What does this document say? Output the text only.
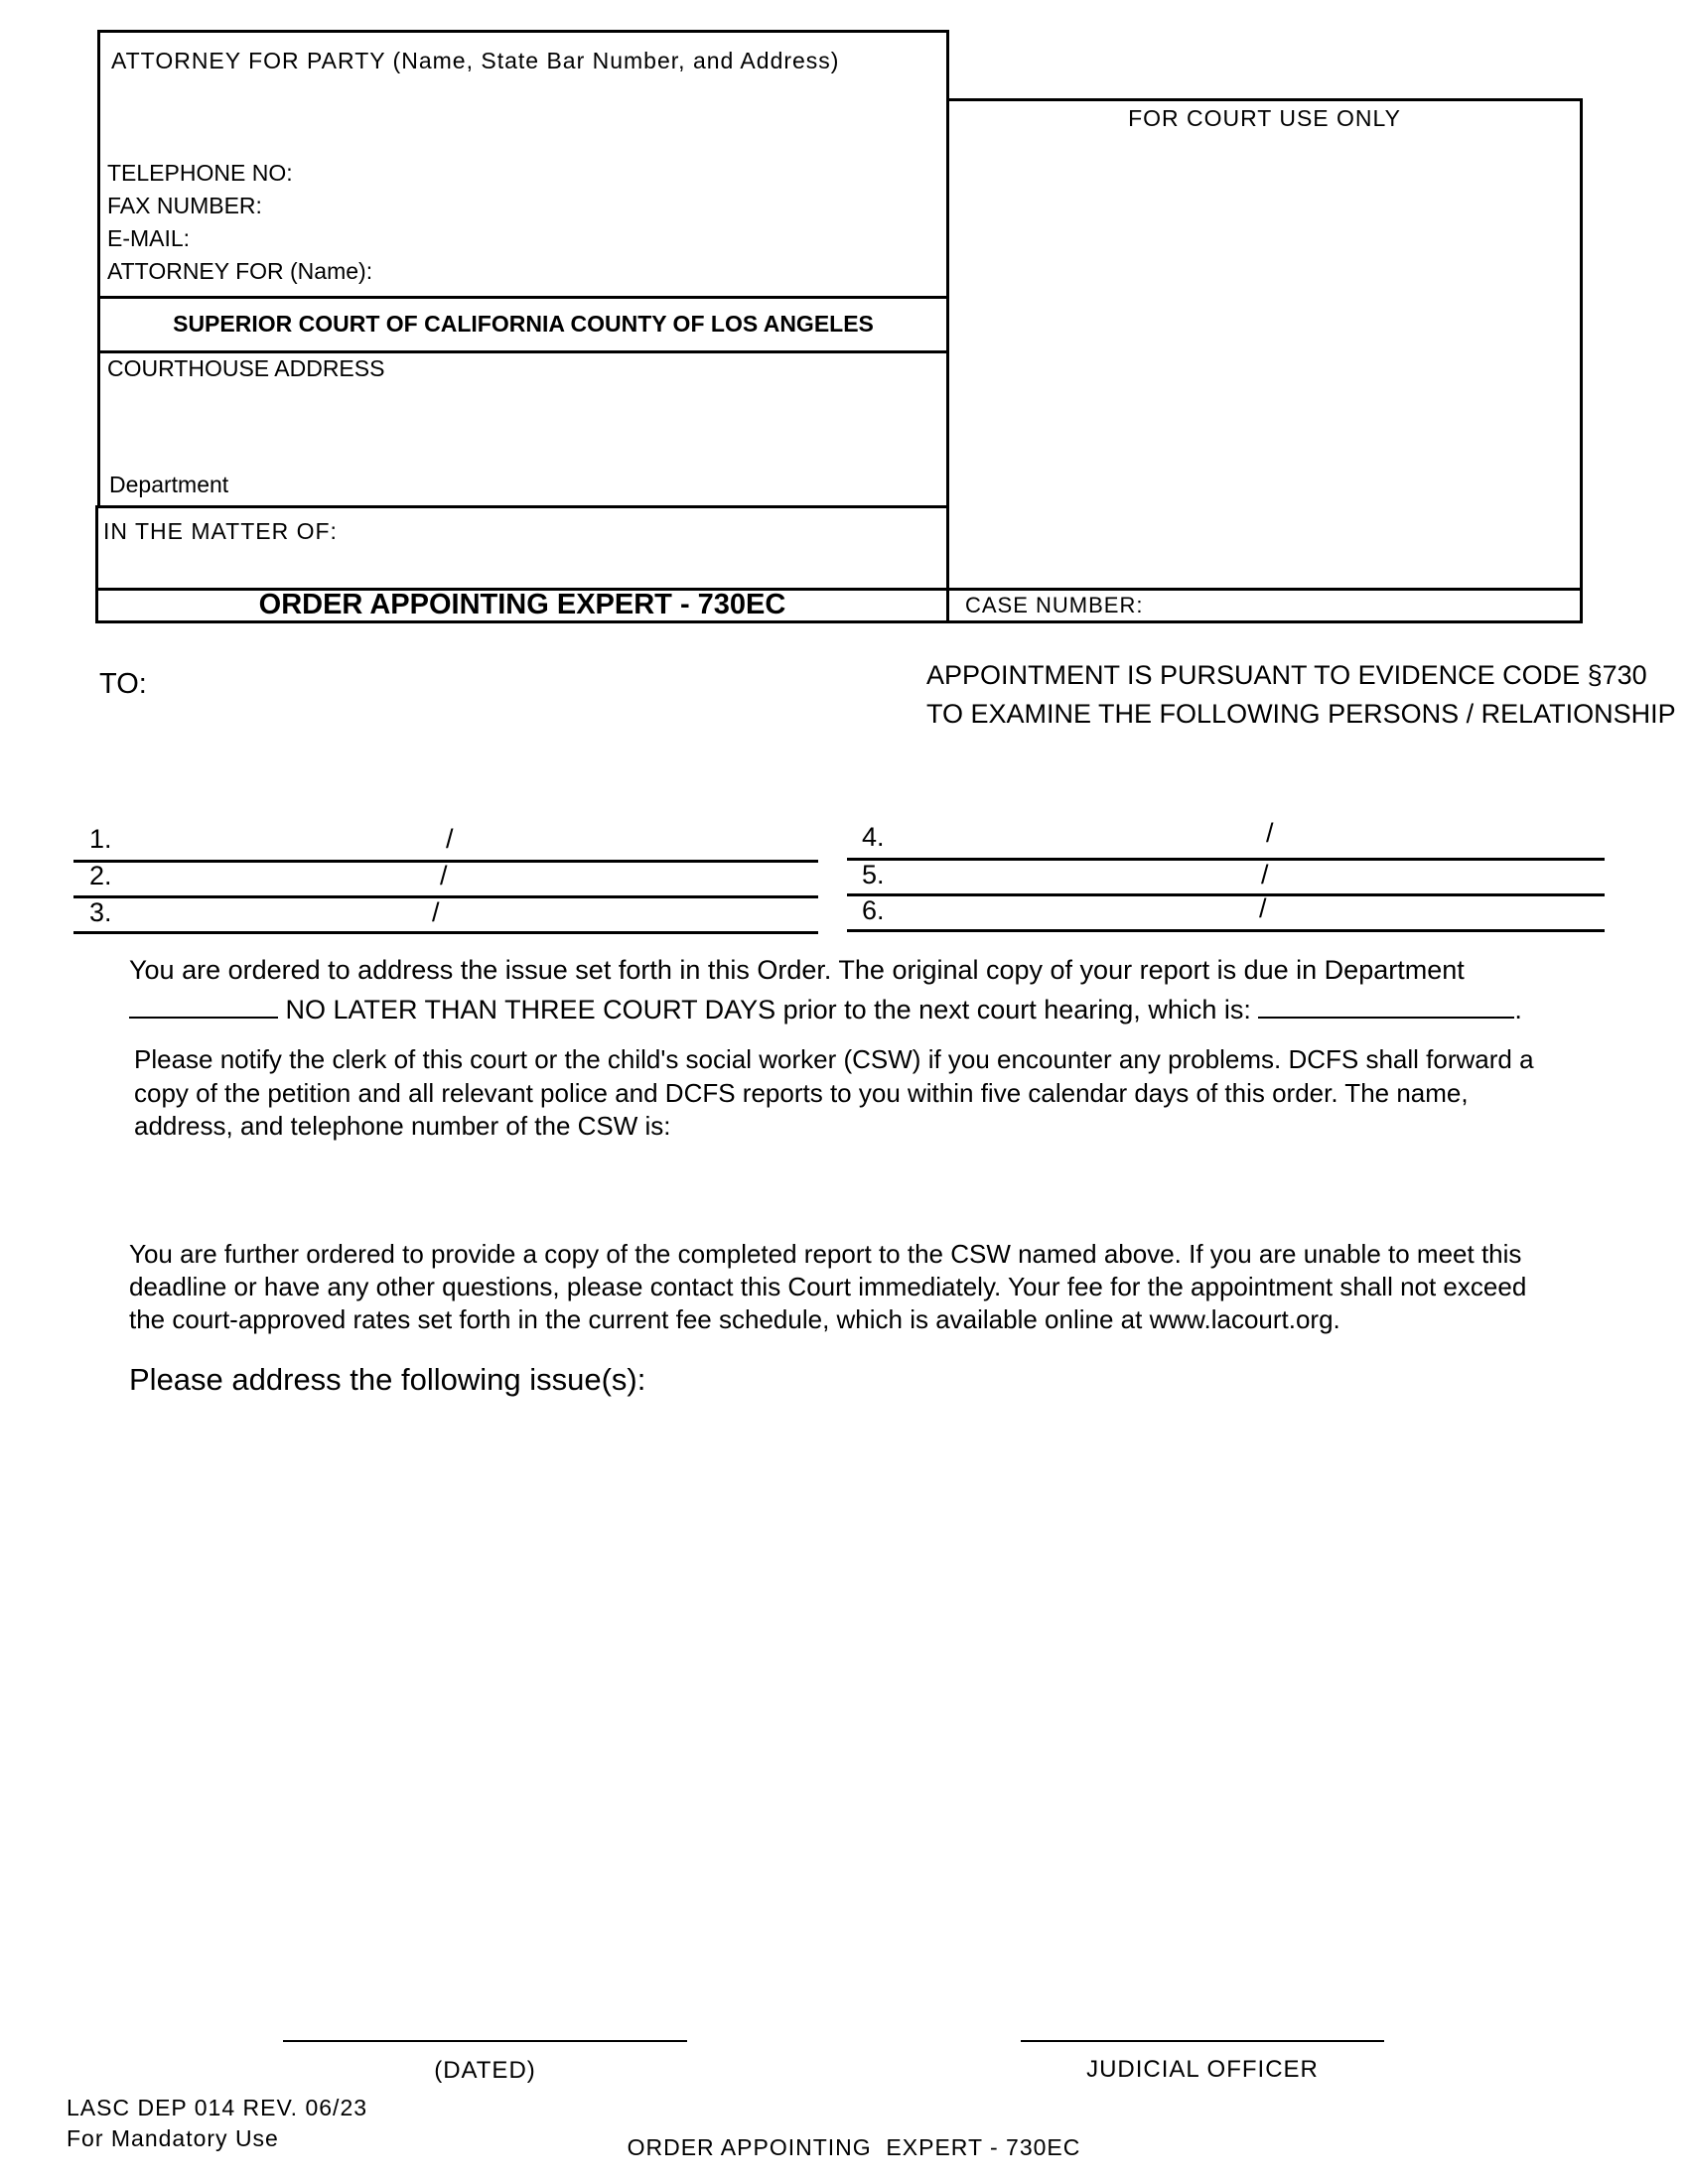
ATTORNEY FOR PARTY (Name, State Bar Number, and Address)
TELEPHONE NO:
FAX NUMBER:
E-MAIL:
ATTORNEY FOR (Name):
SUPERIOR COURT OF CALIFORNIA COUNTY OF LOS ANGELES
COURTHOUSE ADDRESS
Department
IN THE MATTER OF:
ORDER APPOINTING EXPERT - 730EC
FOR COURT USE ONLY
CASE NUMBER:
TO:	APPOINTMENT IS PURSUANT TO EVIDENCE CODE §730
TO EXAMINE THE FOLLOWING PERSONS / RELATIONSHIP
1.	/
2.	/
3.	/
4.	/
5.	/
6.	/
You are ordered to address the issue set forth in this Order. The original copy of your report is due in Department
NO LATER THAN THREE COURT DAYS prior to the next court hearing, which is:	.
Please notify the clerk of this court or the child's social worker (CSW) if you encounter any problems. DCFS shall forward a
copy of the petition and all relevant police and DCFS reports to you within five calendar days of this order. The name,
address, and telephone number of the CSW is:
You are further ordered to provide a copy of the completed report to the CSW named above. If you are unable to meet this
deadline or have any other questions, please contact this Court immediately. Your fee for the appointment shall not exceed
the court-approved rates set forth in the current fee schedule, which is available online at www.lacourt.org.
Please address the following issue(s):
(DATED)	JUDICIAL OFFICER
LASC DEP 014 REV. 06/23
For Mandatory Use	ORDER APPOINTING  EXPERT - 730EC
